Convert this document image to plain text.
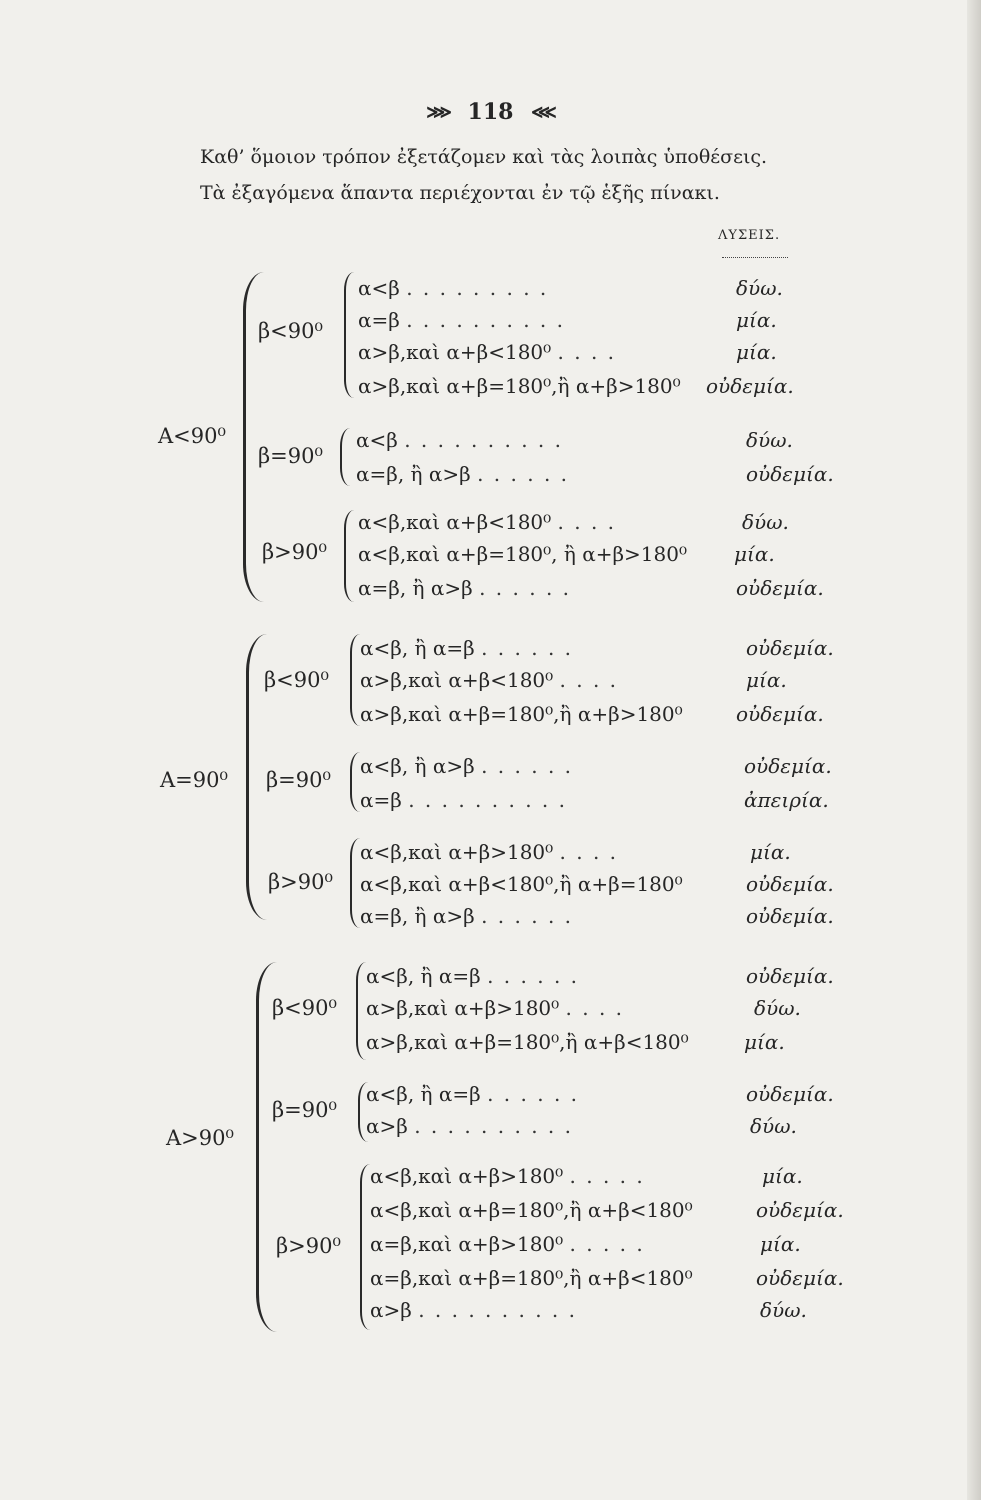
⋙ 118 ⋘
Καθ’ ὅμοιον τρόπον ἐξετάζομεν καὶ τὰς λοιπὰς ὑποθέσεις.
Τὰ ἐξαγόμενα ἅπαντα περιέχονται ἐν τῷ ἑξῆς πίνακι.
ΛΥΣΕΙΣ.
Α<90⁰
β<90⁰
α<β . . . . . . . . .	δύω.
α=β . . . . . . . . . .	μία.
α>β,καὶ α+β<180⁰ . . . .	μία.
α>β,καὶ α+β=180⁰,ἢ α+β>180⁰ οὐδεμία.
β=90⁰
α<β . . . . . . . . . .	δύω.
α=β, ἢ α>β . . . . . .	οὐδεμία.
β>90⁰
α<β,καὶ α+β<180⁰ . . . .	δύω.
α<β,καὶ α+β=180⁰, ἢ α+β>180⁰ μία.
α=β, ἢ α>β . . . . . .	οὐδεμία.
Α=90⁰
β<90⁰
α<β, ἢ α=β . . . . . .	οὐδεμία.
α>β,καὶ α+β<180⁰ . . . .	μία.
α>β,καὶ α+β=180⁰,ἢ α+β>180⁰	οὐδεμία.
β=90⁰
α<β, ἢ α>β . . . . . .	οὐδεμία.
α=β . . . . . . . . . .	ἀπειρία.
β>90⁰
α<β,καὶ α+β>180⁰ . . . .	μία.
α<β,καὶ α+β<180⁰,ἢ α+β=180⁰	οὐδεμία.
α=β, ἢ α>β . . . . . .	οὐδεμία.
Α>90⁰
β<90⁰
α<β, ἢ α=β . . . . . .	οὐδεμία.
α>β,καὶ α+β>180⁰ . . . .	δύω.
α>β,καὶ α+β=180⁰,ἢ α+β<180⁰	μία.
β=90⁰
α<β, ἢ α=β . . . . . .	οὐδεμία.
α>β . . . . . . . . . .	δύω.
β>90⁰
α<β,καὶ α+β>180⁰ . . . . .	μία.
α<β,καὶ α+β=180⁰,ἢ α+β<180⁰	οὐδεμία.
α=β,καὶ α+β>180⁰ . . . . .	μία.
α=β,καὶ α+β=180⁰,ἢ α+β<180⁰	οὐδεμία.
α>β . . . . . . . . . .	δύω.
